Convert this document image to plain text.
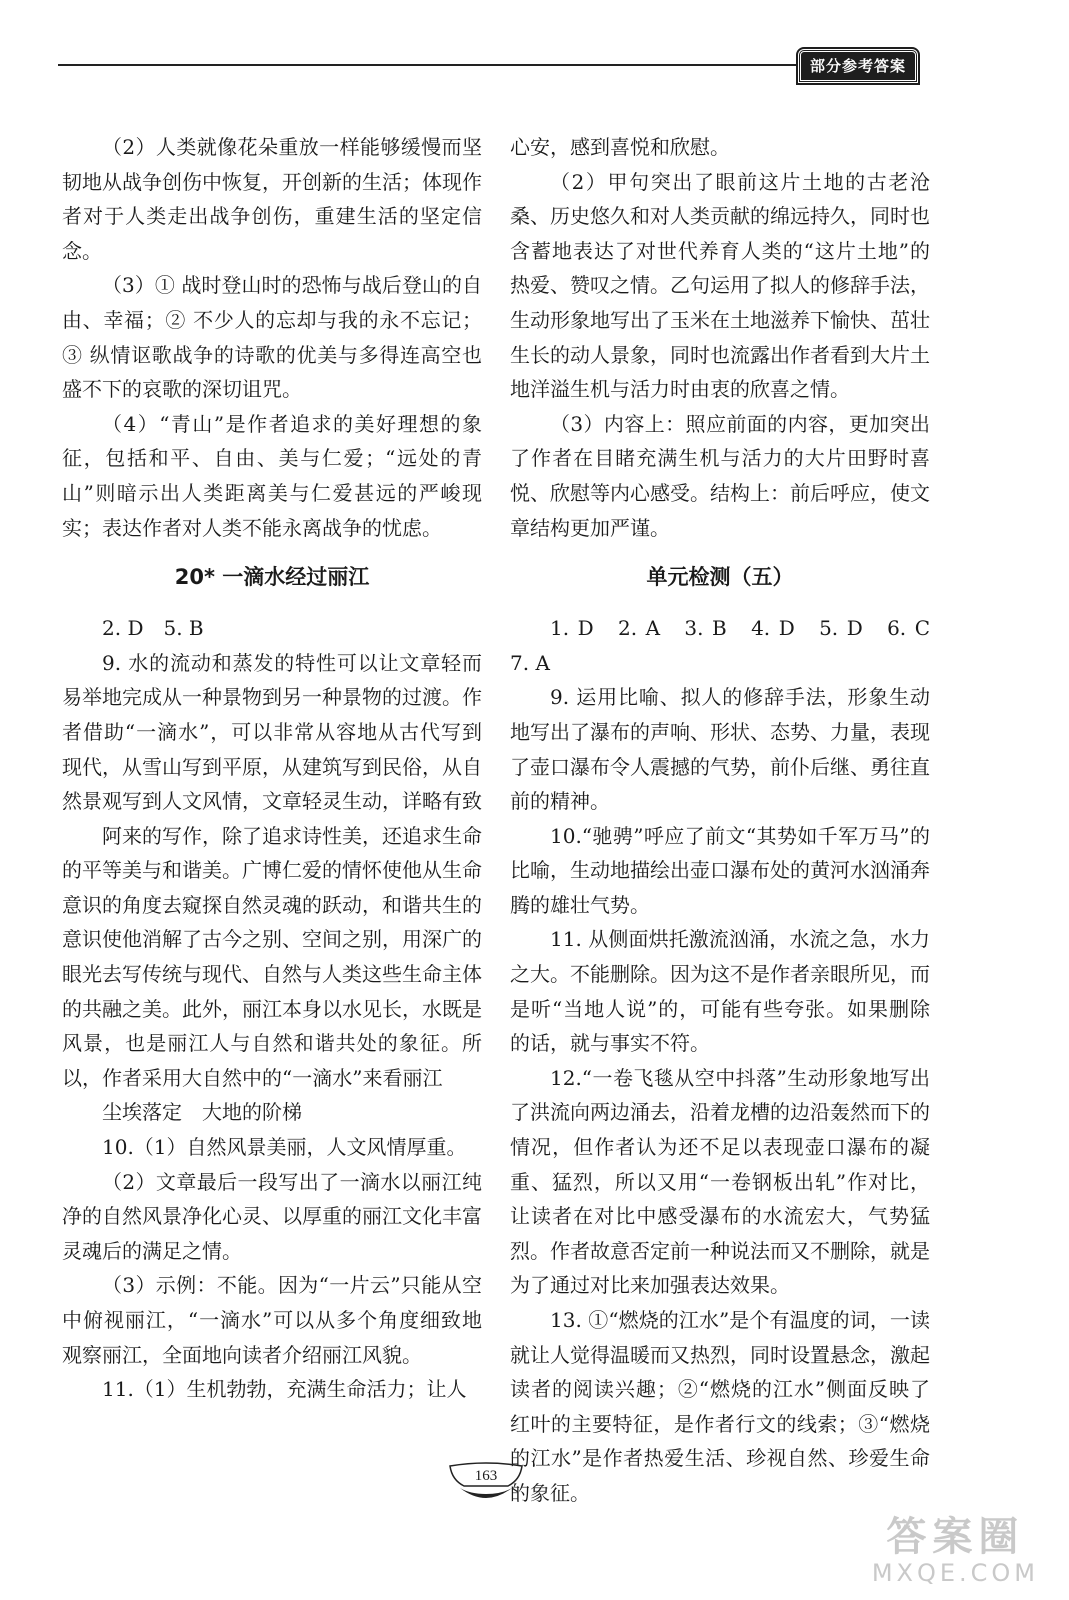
部分参考答案

（2）人类就像花朵重放一样能够缓慢而坚韧地从战争创伤中恢复，开创新的生活；体现作者对于人类走出战争创伤，重建生活的坚定信念。

（3）① 战时登山时的恐怖与战后登山的自由、幸福；② 不少人的忘却与我的永不忘记；③ 纵情讴歌战争的诗歌的优美与多得连高空也盛不下的哀歌的深切诅咒。

（4）“青山”是作者追求的美好理想的象征，包括和平、自由、美与仁爱；“远处的青山”则暗示出人类距离美与仁爱甚远的严峻现实；表达作者对人类不能永离战争的忧虑。

20* 一滴水经过丽江

2. D　5. B

9. 水的流动和蒸发的特性可以让文章轻而易举地完成从一种景物到另一种景物的过渡。作者借助“一滴水”，可以非常从容地从古代写到现代，从雪山写到平原，从建筑写到民俗，从自然景观写到人文风情，文章轻灵生动，详略有致

阿来的写作，除了追求诗性美，还追求生命的平等美与和谐美。广博仁爱的情怀使他从生命意识的角度去窥探自然灵魂的跃动，和谐共生的意识使他消解了古今之别、空间之别，用深广的眼光去写传统与现代、自然与人类这些生命主体的共融之美。此外，丽江本身以水见长，水既是风景，也是丽江人与自然和谐共处的象征。所以，作者采用大自然中的“一滴水”来看丽江

尘埃落定　大地的阶梯

10.（1）自然风景美丽，人文风情厚重。

（2）文章最后一段写出了一滴水以丽江纯净的自然风景净化心灵、以厚重的丽江文化丰富灵魂后的满足之情。

（3）示例：不能。因为“一片云”只能从空中俯视丽江，“一滴水”可以从多个角度细致地观察丽江，全面地向读者介绍丽江风貌。

11.（1）生机勃勃，充满生命活力；让人

心安，感到喜悦和欣慰。

（2）甲句突出了眼前这片土地的古老沧桑、历史悠久和对人类贡献的绵远持久，同时也含蓄地表达了对世代养育人类的“这片土地”的热爱、赞叹之情。乙句运用了拟人的修辞手法，生动形象地写出了玉米在土地滋养下愉快、茁壮生长的动人景象，同时也流露出作者看到大片土地洋溢生机与活力时由衷的欣喜之情。

（3）内容上：照应前面的内容，更加突出了作者在目睹充满生机与活力的大片田野时喜悦、欣慰等内心感受。结构上：前后呼应，使文章结构更加严谨。

单元检测（五）

1. D　2. A　3. B　4. D　5. D　6. C　7. A

9. 运用比喻、拟人的修辞手法，形象生动地写出了瀑布的声响、形状、态势、力量，表现了壶口瀑布令人震撼的气势，前仆后继、勇往直前的精神。

10.“驰骋”呼应了前文“其势如千军万马”的比喻，生动地描绘出壶口瀑布处的黄河水汹涌奔腾的雄壮气势。

11. 从侧面烘托激流汹涌，水流之急，水力之大。不能删除。因为这不是作者亲眼所见，而是听“当地人说”的，可能有些夸张。如果删除的话，就与事实不符。

12.“一卷飞毯从空中抖落”生动形象地写出了洪流向两边涌去，沿着龙槽的边沿轰然而下的情况，但作者认为还不足以表现壶口瀑布的凝重、猛烈，所以又用“一卷钢板出轧”作对比，让读者在对比中感受瀑布的水流宏大，气势猛烈。作者故意否定前一种说法而又不删除，就是为了通过对比来加强表达效果。

13. ①“燃烧的江水”是个有温度的词，一读就让人觉得温暖而又热烈，同时设置悬念，激起读者的阅读兴趣；②“燃烧的江水”侧面反映了红叶的主要特征，是作者行文的线索；③“燃烧的江水”是作者热爱生活、珍视自然、珍爱生命的象征。

163
答案圈
MXQE.COM
